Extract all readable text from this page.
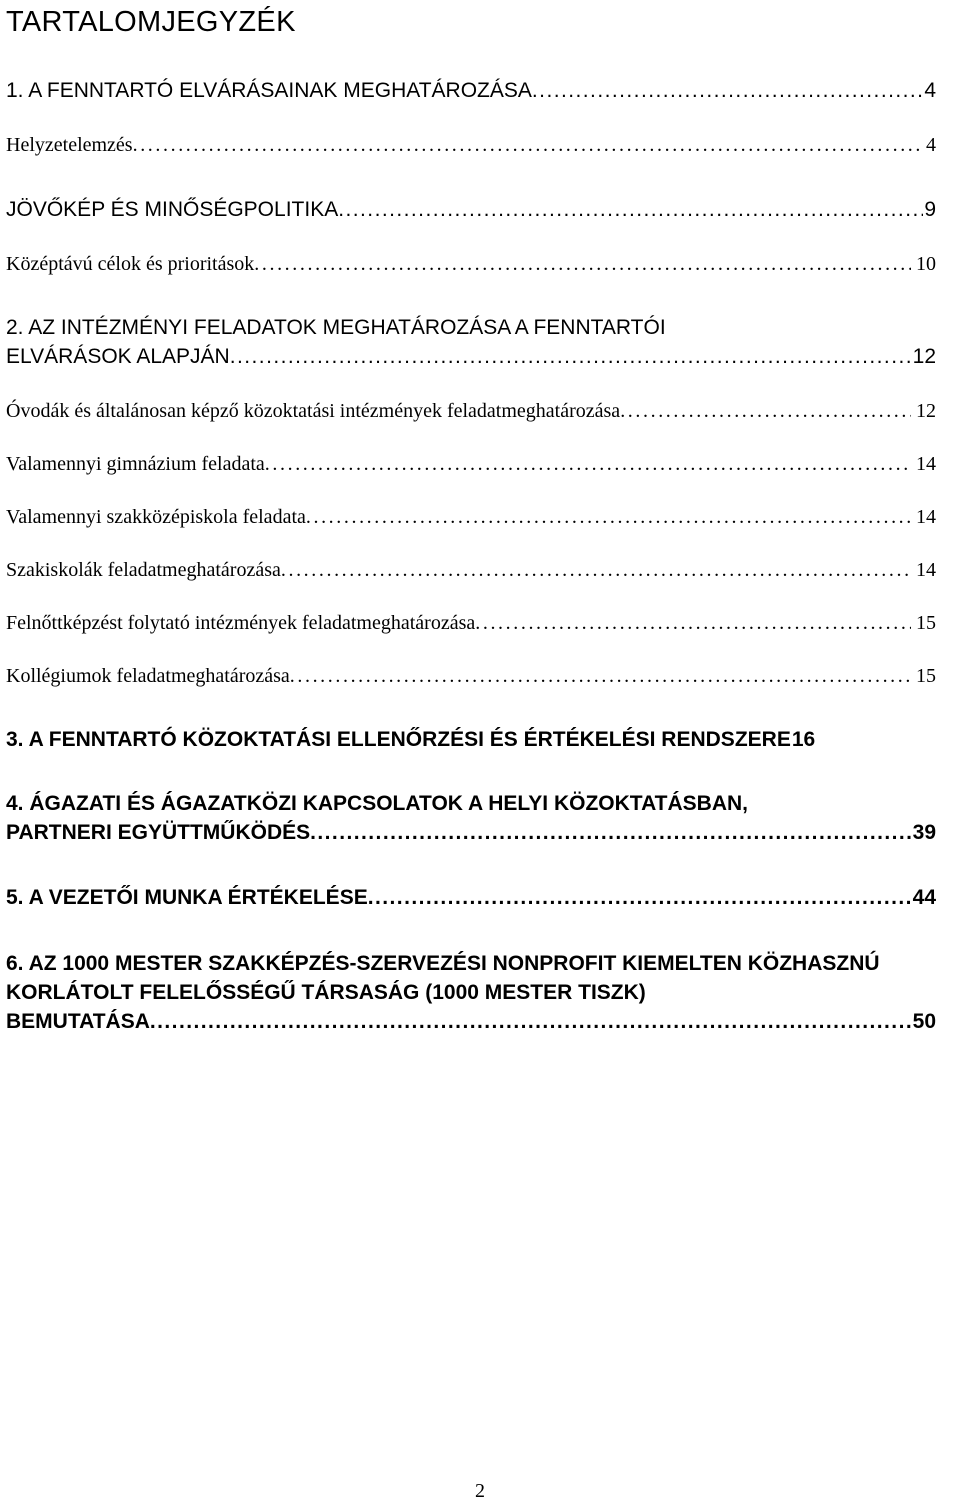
TARTALOMJEGYZÉK
1. A FENNTARTÓ ELVÁRÁSAINAK MEGHATÁROZÁSA . . .	4
Helyzetelemzés . . .	4
JÖVŐKÉP ÉS MINŐSÉGPOLITIKA . . .	9
Középtávú célok és prioritások . . .	10
2. AZ INTÉZMÉNYI FELADATOK MEGHATÁROZÁSA A FENNTARTÓI
ELVÁRÁSOK ALAPJÁN . . .	12
Óvodák és általánosan képző közoktatási intézmények feladatmeghatározása . . .	12
Valamennyi gimnázium feladata . . .	14
Valamennyi szakközépiskola feladata . . .	14
Szakiskolák feladatmeghatározása . . .	14
Felnőttképzést folytató intézmények feladatmeghatározása . . .	15
Kollégiumok feladatmeghatározása . . .	15
3. A FENNTARTÓ KÖZOKTATÁSI ELLENŐRZÉSI ÉS ÉRTÉKELÉSI RENDSZERE 16
4. ÁGAZATI ÉS ÁGAZATKÖZI KAPCSOLATOK A HELYI KÖZOKTATÁSBAN,
PARTNERI EGYÜTTMŰKÖDÉS . . .	39
5. A VEZETŐI MUNKA ÉRTÉKELÉSE . . .	44
6. AZ 1000 MESTER SZAKKÉPZÉS-SZERVEZÉSI NONPROFIT KIEMELTEN KÖZHASZNÚ KORLÁTOLT FELELŐSSÉGŰ TÁRSASÁG (1000 MESTER TISZK)
BEMUTATÁSA . . .	50
2
